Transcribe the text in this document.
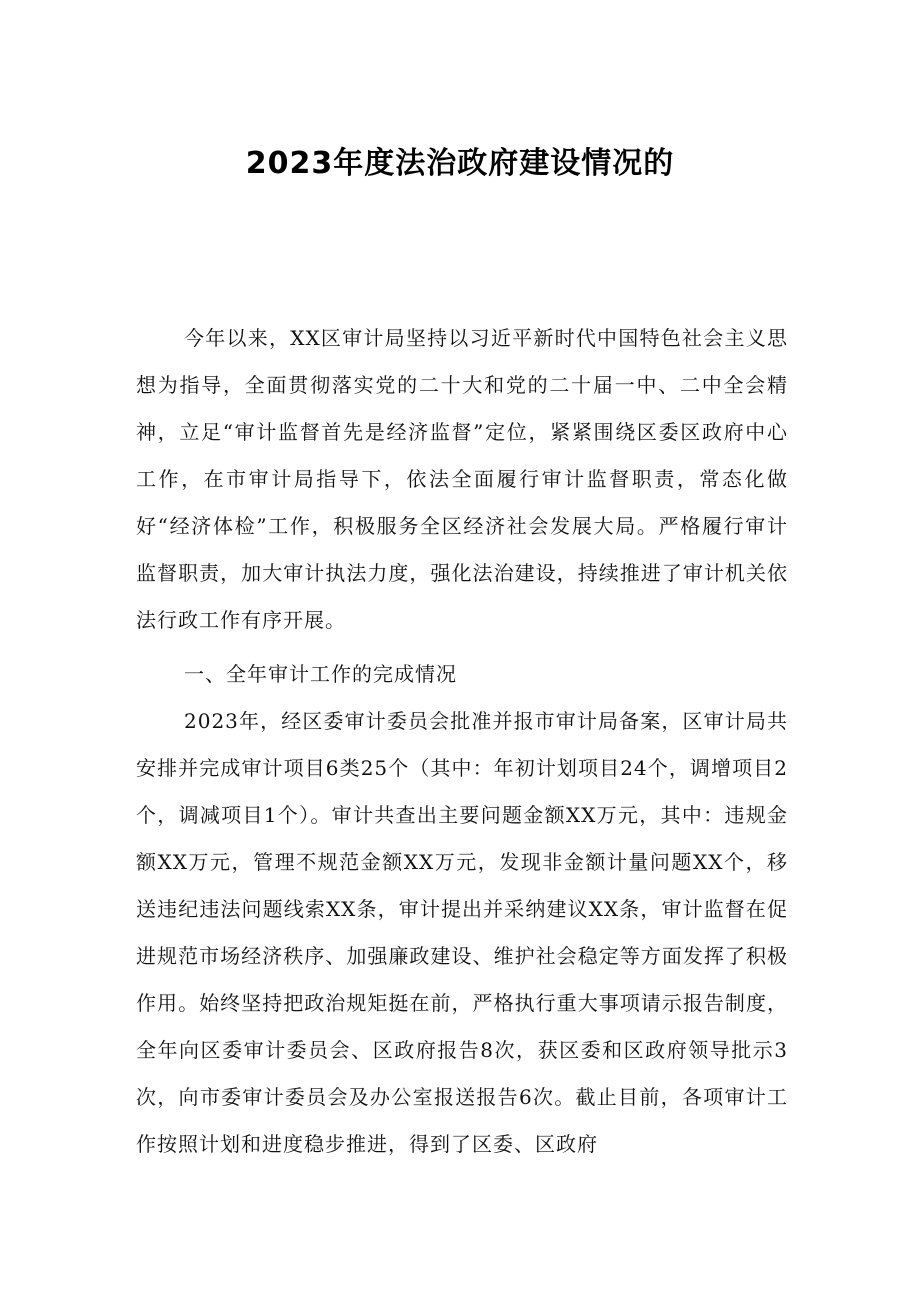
2023年度法治政府建设情况的

今年以来，XX区审计局坚持以习近平新时代中国特色社会主义思想为指导，全面贯彻落实党的二十大和党的二十届一中、二中全会精神，立足“审计监督首先是经济监督”定位，紧紧围绕区委区政府中心工作，在市审计局指导下，依法全面履行审计监督职责，常态化做好“经济体检”工作，积极服务全区经济社会发展大局。严格履行审计监督职责，加大审计执法力度，强化法治建设，持续推进了审计机关依法行政工作有序开展。

一、全年审计工作的完成情况

2023年，经区委审计委员会批准并报市审计局备案，区审计局共安排并完成审计项目6类25个（其中：年初计划项目24个，调增项目2个，调减项目1个）。审计共查出主要问题金额XX万元，其中：违规金额XX万元，管理不规范金额XX万元，发现非金额计量问题XX个，移送违纪违法问题线索XX条，审计提出并采纳建议XX条，审计监督在促进规范市场经济秩序、加强廉政建设、维护社会稳定等方面发挥了积极作用。始终坚持把政治规矩挺在前，严格执行重大事项请示报告制度，全年向区委审计委员会、区政府报告8次，获区委和区政府领导批示3次，向市委审计委员会及办公室报送报告6次。截止目前，各项审计工作按照计划和进度稳步推进，得到了区委、区政府
